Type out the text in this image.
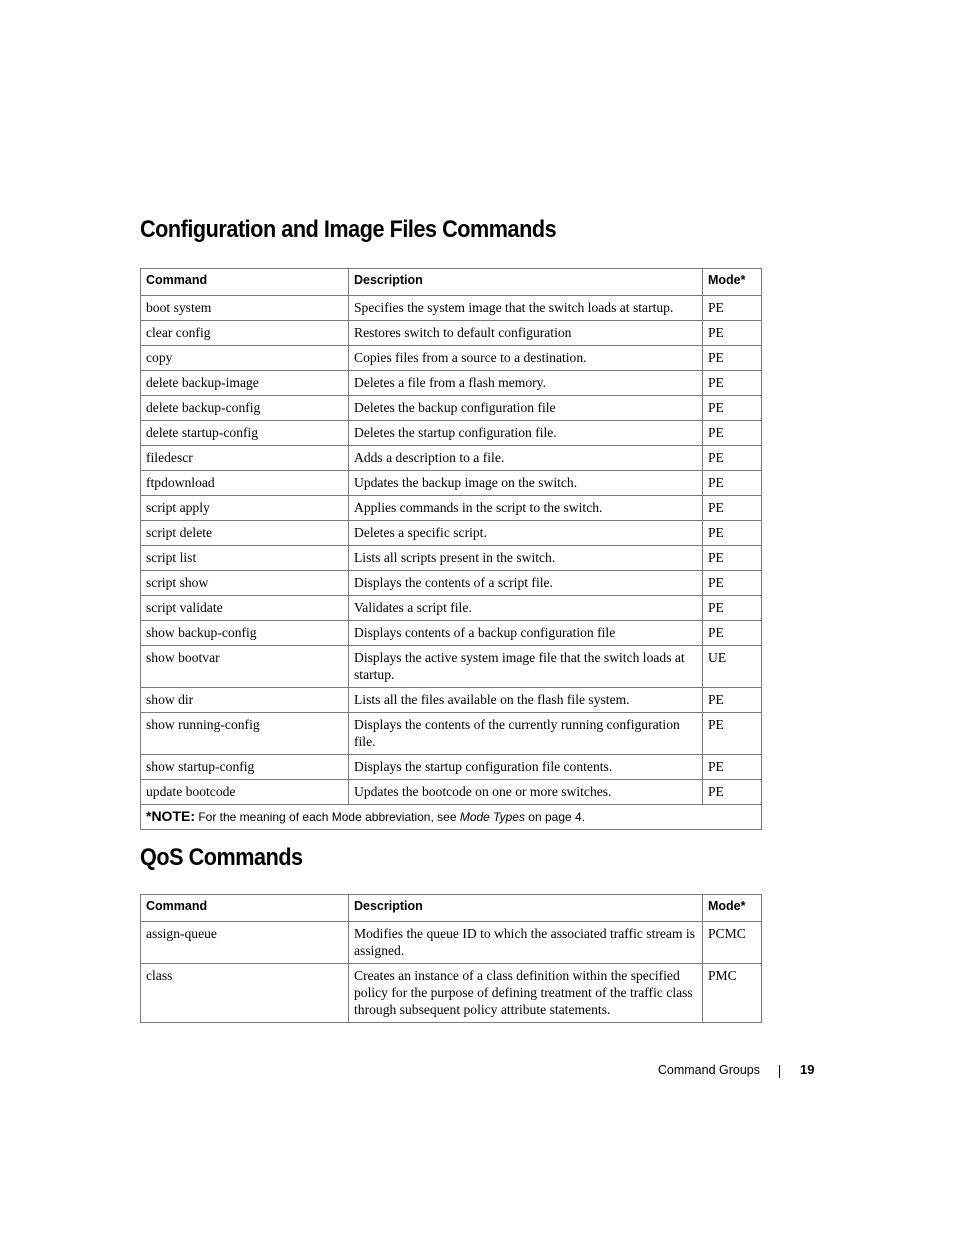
Configuration and Image Files Commands
Command	Description	Mode*
boot system	Specifies the system image that the switch loads at startup.	PE
clear config	Restores switch to default configuration	PE
copy	Copies files from a source to a destination.	PE
delete backup-image	Deletes a file from a flash memory.	PE
delete backup-config	Deletes the backup configuration file	PE
delete startup-config	Deletes the startup configuration file.	PE
filedescr	Adds a description to a file.	PE
ftpdownload	Updates the backup image on the switch.	PE
script apply	Applies commands in the script to the switch.	PE
script delete	Deletes a specific script.	PE
script list	Lists all scripts present in the switch.	PE
script show	Displays the contents of a script file.	PE
script validate	Validates a script file.	PE
show backup-config	Displays contents of a backup configuration file	PE
show bootvar	Displays the active system image file that the switch loads at startup.	UE
show dir	Lists all the files available on the flash file system.	PE
show running-config	Displays the contents of the currently running configuration file.	PE
show startup-config	Displays the startup configuration file contents.	PE
update bootcode	Updates the bootcode on one or more switches.	PE
*NOTE: For the meaning of each Mode abbreviation, see Mode Types on page 4.		
QoS Commands
Command	Description	Mode*
assign-queue	Modifies the queue ID to which the associated traffic stream is assigned.	PCMC
class	Creates an instance of a class definition within the specified policy for the purpose of defining treatment of the traffic class through subsequent policy attribute statements.	PMC
Command Groups	19
